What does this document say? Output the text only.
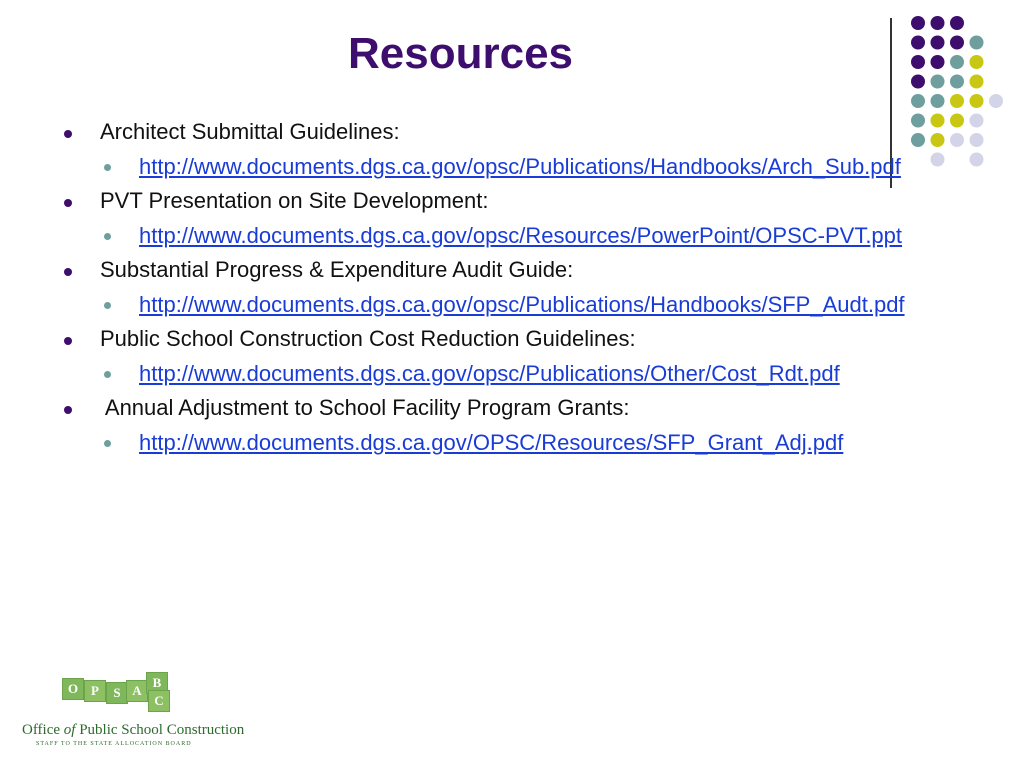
Resources
Architect Submittal Guidelines:
http://www.documents.dgs.ca.gov/opsc/Publications/Handbooks/Arch_Sub.pdf
PVT Presentation on Site Development:
http://www.documents.dgs.ca.gov/opsc/Resources/PowerPoint/OPSC-PVT.ppt
Substantial Progress & Expenditure Audit Guide:
http://www.documents.dgs.ca.gov/opsc/Publications/Handbooks/SFP_Audt.pdf
Public School Construction Cost Reduction Guidelines:
http://www.documents.dgs.ca.gov/opsc/Publications/Other/Cost_Rdt.pdf
Annual Adjustment to School Facility Program Grants:
http://www.documents.dgs.ca.gov/OPSC/Resources/SFP_Grant_Adj.pdf
O P	S A
B
C
Office of Public School Construction
STAFF TO THE STATE ALLOCATION BOARD
